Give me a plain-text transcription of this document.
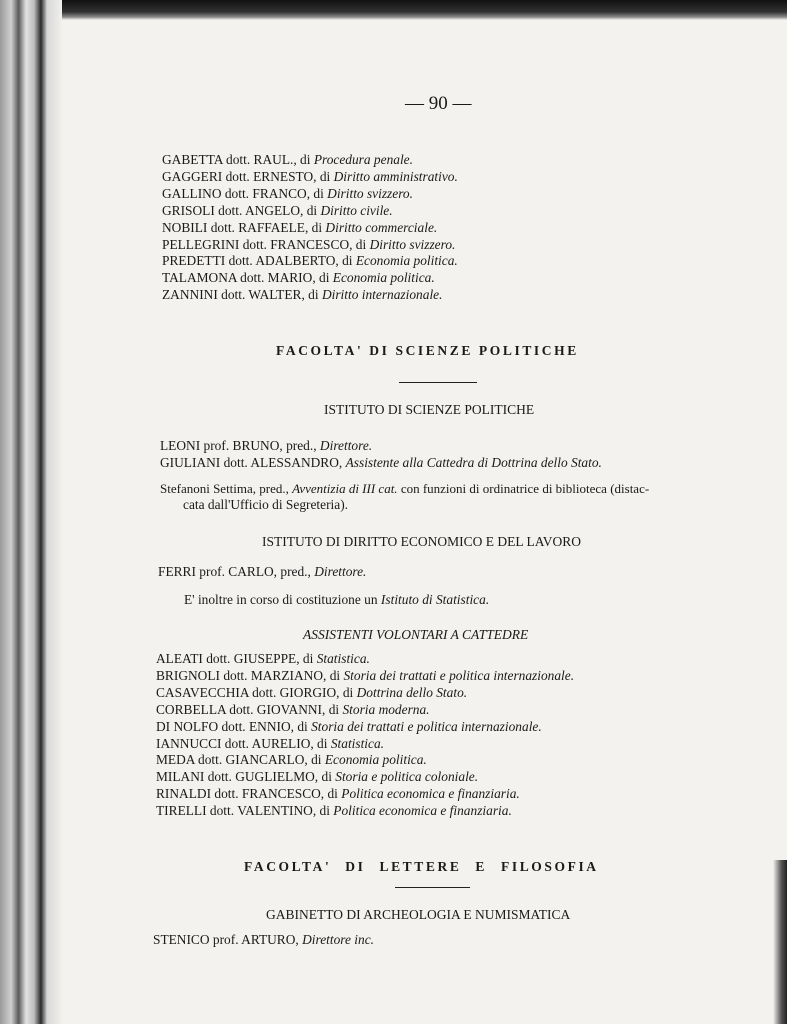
— 90 —
GABETTA dott. RAUL., di Procedura penale.
GAGGERI dott. ERNESTO, di Diritto amministrativo.
GALLINO dott. FRANCO, di Diritto svizzero.
GRISOLI dott. ANGELO, di Diritto civile.
NOBILI dott. RAFFAELE, di Diritto commerciale.
PELLEGRINI dott. FRANCESCO, di Diritto svizzero.
PREDETTI dott. ADALBERTO, di Economia politica.
TALAMONA dott. MARIO, di Economia politica.
ZANNINI dott. WALTER, di Diritto internazionale.
FACOLTA' DI SCIENZE POLITICHE
ISTITUTO DI SCIENZE POLITICHE
LEONI prof. BRUNO, pred., Direttore.
GIULIANI dott. ALESSANDRO, Assistente alla Cattedra di Dottrina dello Stato.
Stefanoni Settima, pred., Avventizia di III cat. con funzioni di ordinatrice di biblioteca (distac-
cata dall'Ufficio di Segreteria).
ISTITUTO DI DIRITTO ECONOMICO E DEL LAVORO
FERRI prof. CARLO, pred., Direttore.
E' inoltre in corso di costituzione un Istituto di Statistica.
ASSISTENTI VOLONTARI A CATTEDRE
ALEATI dott. GIUSEPPE, di Statistica.
BRIGNOLI dott. MARZIANO, di Storia dei trattati e politica internazionale.
CASAVECCHIA dott. GIORGIO, di Dottrina dello Stato.
CORBELLA dott. GIOVANNI, di Storia moderna.
DI NOLFO dott. ENNIO, di Storia dei trattati e politica internazionale.
IANNUCCI dott. AURELIO, di Statistica.
MEDA dott. GIANCARLO, di Economia politica.
MILANI dott. GUGLIELMO, di Storia e politica coloniale.
RINALDI dott. FRANCESCO, di Politica economica e finanziaria.
TIRELLI dott. VALENTINO, di Politica economica e finanziaria.
FACOLTA' DI LETTERE E FILOSOFIA
GABINETTO DI ARCHEOLOGIA E NUMISMATICA
STENICO prof. ARTURO, Direttore inc.
